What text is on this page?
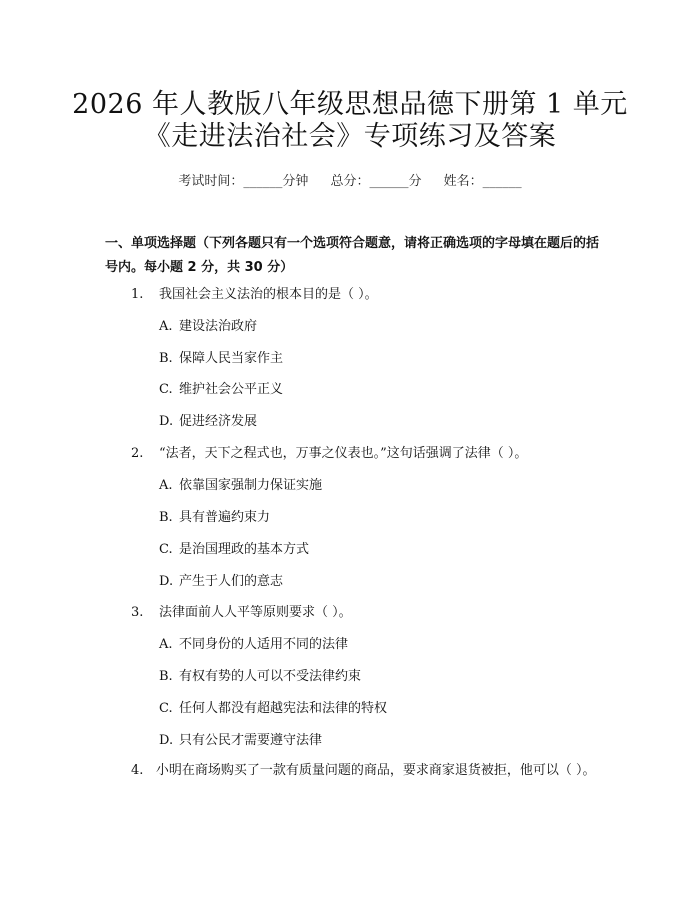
2026 年人教版八年级思想品德下册第 1 单元
《走进法治社会》专项练习及答案
考试时间：______分钟 总分：______分 姓名：______
一、单项选择题（下列各题只有一个选项符合题意，请将正确选项的字母填在题后的括号内。每小题 2 分，共 30 分）
1. 我国社会主义法治的根本目的是（ ）。
A. 建设法治政府
B. 保障人民当家作主
C. 维护社会公平正义
D. 促进经济发展
2. “法者，天下之程式也，万事之仪表也。”这句话强调了法律（ ）。
A. 依靠国家强制力保证实施
B. 具有普遍约束力
C. 是治国理政的基本方式
D. 产生于人们的意志
3. 法律面前人人平等原则要求（ ）。
A. 不同身份的人适用不同的法律
B. 有权有势的人可以不受法律约束
C. 任何人都没有超越宪法和法律的特权
D. 只有公民才需要遵守法律
4. 小明在商场购买了一款有质量问题的商品，要求商家退货被拒，他可以（ ）。
